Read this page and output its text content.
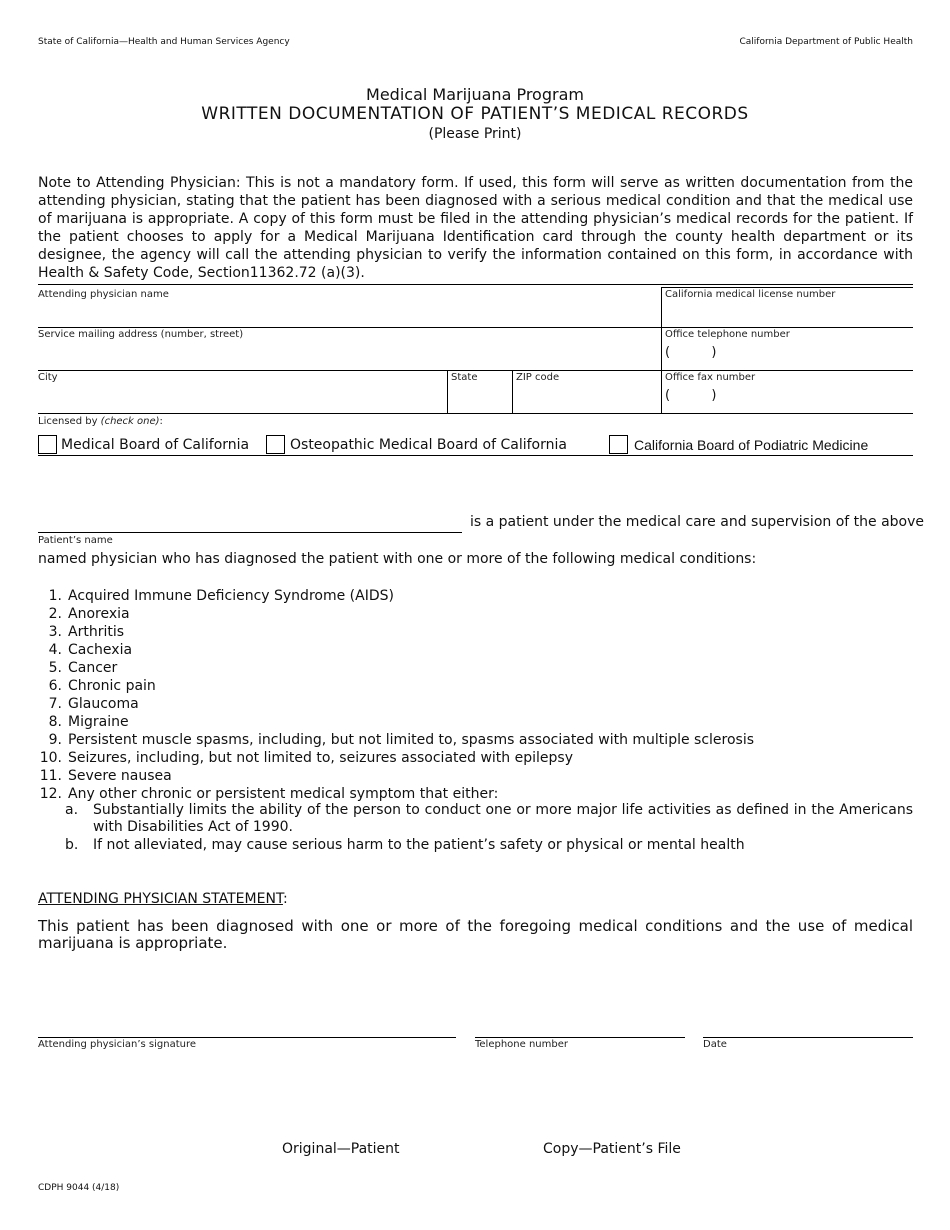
State of California—Health and Human Services Agency	California Department of Public Health
Medical Marijuana Program
WRITTEN DOCUMENTATION OF PATIENT’S MEDICAL RECORDS
(Please Print)
Note to Attending Physician: This is not a mandatory form. If used, this form will serve as written documentation from the attending physician, stating that the patient has been diagnosed with a serious medical condition and that the medical use of marijuana is appropriate. A copy of this form must be filed in the attending physician’s medical records for the patient. If the patient chooses to apply for a Medical Marijuana Identification card through the county health department or its designee, the agency will call the attending physician to verify the information contained on this form, in accordance with Health & Safety Code, Section11362.72 (a)(3).
Attending physician name	California medical license number
Service mailing address (number, street)	Office telephone number
(          )
City	State	ZIP code	Office fax number
(          )
Licensed by (check one):
Medical Board of California	Osteopathic Medical Board of California	California Board of Podiatric Medicine
is a patient under the medical care and supervision of the above
Patient’s name
named physician who has diagnosed the patient with one or more of the following medical conditions:
1. Acquired Immune Deficiency Syndrome (AIDS)
2. Anorexia
3. Arthritis
4. Cachexia
5. Cancer
6. Chronic pain
7. Glaucoma
8. Migraine
9. Persistent muscle spasms, including, but not limited to, spasms associated with multiple sclerosis
10. Seizures, including, but not limited to, seizures associated with epilepsy
11. Severe nausea
12. Any other chronic or persistent medical symptom that either:
a. Substantially limits the ability of the person to conduct one or more major life activities as defined in the Americans with Disabilities Act of 1990.
b. If not alleviated, may cause serious harm to the patient’s safety or physical or mental health
ATTENDING PHYSICIAN STATEMENT:
This patient has been diagnosed with one or more of the foregoing medical conditions and the use of medical marijuana is appropriate.
Attending physician’s signature	Telephone number	Date
Original—Patient	Copy—Patient’s File
CDPH 9044 (4/18)
